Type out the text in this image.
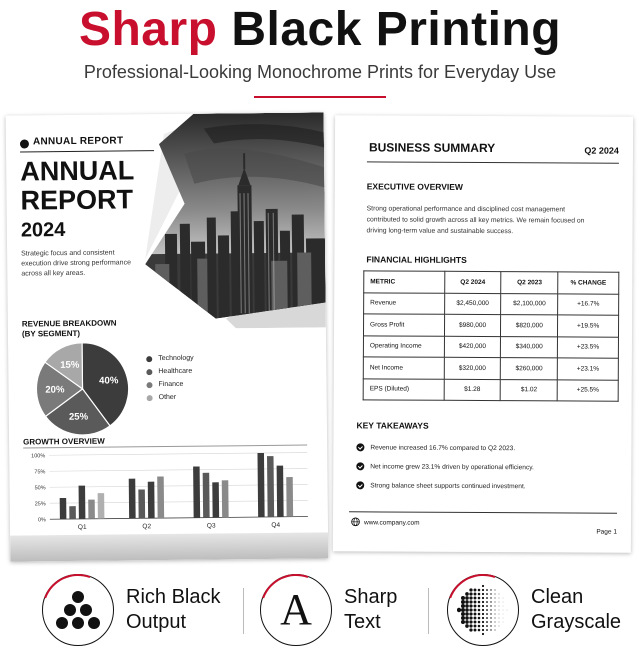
Sharp Black Printing
Professional-Looking Monochrome Prints for Everyday Use
ANNUAL REPORT
ANNUAL
REPORT
2024
Strategic focus and consistent execution drive strong performance across all key areas.
REVENUE BREAKDOWN
(BY SEGMENT)
40%
25%
20%
15%
Technology
Healthcare
Finance
Other
GROWTH OVERVIEW
0%
25%
50%
75%
100%
Q1	Q2	Q3	Q4
BUSINESS SUMMARY	Q2 2024
EXECUTIVE OVERVIEW
Strong operational performance and disciplined cost management contributed to solid growth across all key metrics. We remain focused on driving long-term value and sustainable success.
FINANCIAL HIGHLIGHTS
METRIC	Q2 2024	Q2 2023	% CHANGE
Revenue	$2,450,000	$2,100,000	+16.7%
Gross Profit	$980,000	$820,000	+19.5%
Operating Income	$420,000	$340,000	+23.5%
Net Income	$320,000	$260,000	+23.1%
EPS (Diluted)	$1.28	$1.02	+25.5%
KEY TAKEAWAYS
Revenue increased 16.7% compared to Q2 2023.
Net income grew 23.1% driven by operational efficiency.
Strong balance sheet supports continued investment.
www.company.com
Page 1
Rich Black
Output	A Sharp
Text
Clean
Grayscale
